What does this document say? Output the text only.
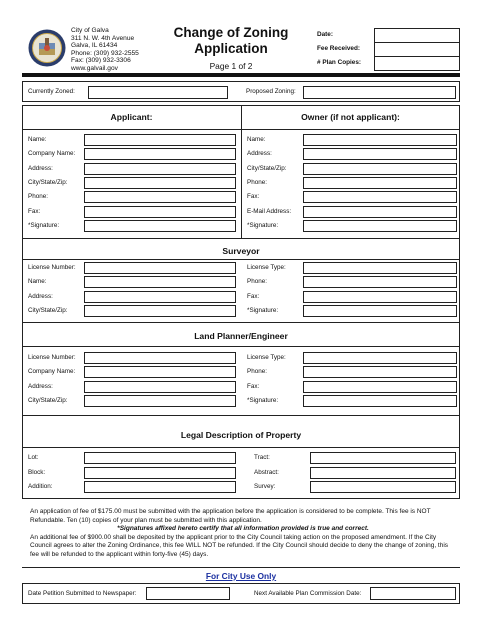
City of Galva
311 N. W. 4th Avenue
Galva, IL 61434
Phone: (309) 932-2555
Fax: (309) 932-3306
www.galvail.gov
Change of Zoning
Application
Page 1 of 2
Date:
Fee Received:
# Plan Copies:
Currently Zoned:	Proposed Zoning:
Applicant:
Name:
Company Name:
Address:
City/State/Zip:
Phone:
Fax:
*Signature:
Owner (if not applicant):
Name:
Address:
City/State/Zip:
Phone:
Fax:
E-Mail Address:
*Signature:
Surveyor
License Number:
Name:
Address:
City/State/Zip:
License Type:
Phone:
Fax:
*Signature:
Land Planner/Engineer
License Number:
Company Name:
Address:
City/State/Zip:
License Type:
Phone:
Fax:
*Signature:
Legal Description of Property
Lot:
Block:
Addition:
Tract:
Abstract:
Survey:
An application of fee of $175.00 must be submitted with the application before the application is considered to be complete. This fee is NOT Refundable. Ten (10) copies of your plan must be submitted with this application.
*Signatures affixed hereto certify that all information provided is true and correct.
An additional fee of $900.00 shall be deposited by the applicant prior to the City Council taking action on the proposed amendment. If the City Council agrees to alter the Zoning Ordinance, this fee WILL NOT be refunded. If the City Council should decide to deny the change of zoning, this fee will be refunded to the applicant within forty-five (45) days.
For City Use Only
Date Petition Submitted to Newspaper:	Next Available Plan Commission Date:
